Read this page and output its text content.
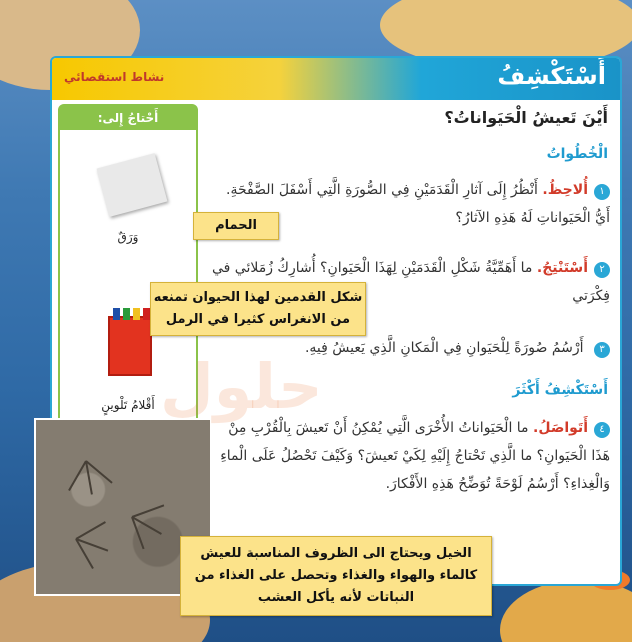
أَسْتَكْشِفُ
نشاط استقصائي
أَحْتاجُ إِلى:
وَرَقٌ
أَقْلامُ تَلْوينٍ
أَيْنَ تَعيشُ الْحَيَواناتُ؟
الْخُطُواتُ
١أُلاحِظُ. أَنْظُرُ إِلَى آثارِ الْقَدَمَيْنِ فِي الصُّورَةِ الَّتِي أَسْفَلَ الصَّفْحَةِ. أَيُّ الْحَيَواناتِ لَهُ هَذِهِ الآثارُ؟
٢أَسْتَنْتِجُ. ما أَهَمِّيَّةُ شَكْلِ الْقَدَمَيْنِ لِهَذَا الْحَيَوانِ؟ أُشارِكُ زُمَلائي في فِكْرَتي
٣ أَرْسُمُ صُورَةً لِلْحَيَوانِ فِي الْمَكانِ الَّذِي يَعيشُ فِيهِ.
أَسْتَكْشِفُ أَكْثَرَ
٤أَتَواصَلُ. ما الْحَيَواناتُ الأُخْرَى الَّتِي يُمْكِنُ أَنْ تَعيشَ بِالْقُرْبِ مِنْ هَذَا الْحَيَوانِ؟ ما الَّذِي تَحْتاجُ إِلَيْهِ لِكَيْ تَعيشَ؟ وَكَيْفَ تَحْصُلُ عَلَى الْماءِ وَالْغِذاءِ؟ أَرْسُمُ لَوْحَةً تُوَضِّحُ هَذِهِ الأَفْكارَ.
حلول
الحمام
شكل القدمين لهذا الحيوان تمنعه من الانغراس كثيرا في الرمل
الخيل ويحتاج الى الظروف المناسبة للعيش كالماء والهواء والغذاء وتحصل على الغذاء من النباتات لأنه يأكل العشب
